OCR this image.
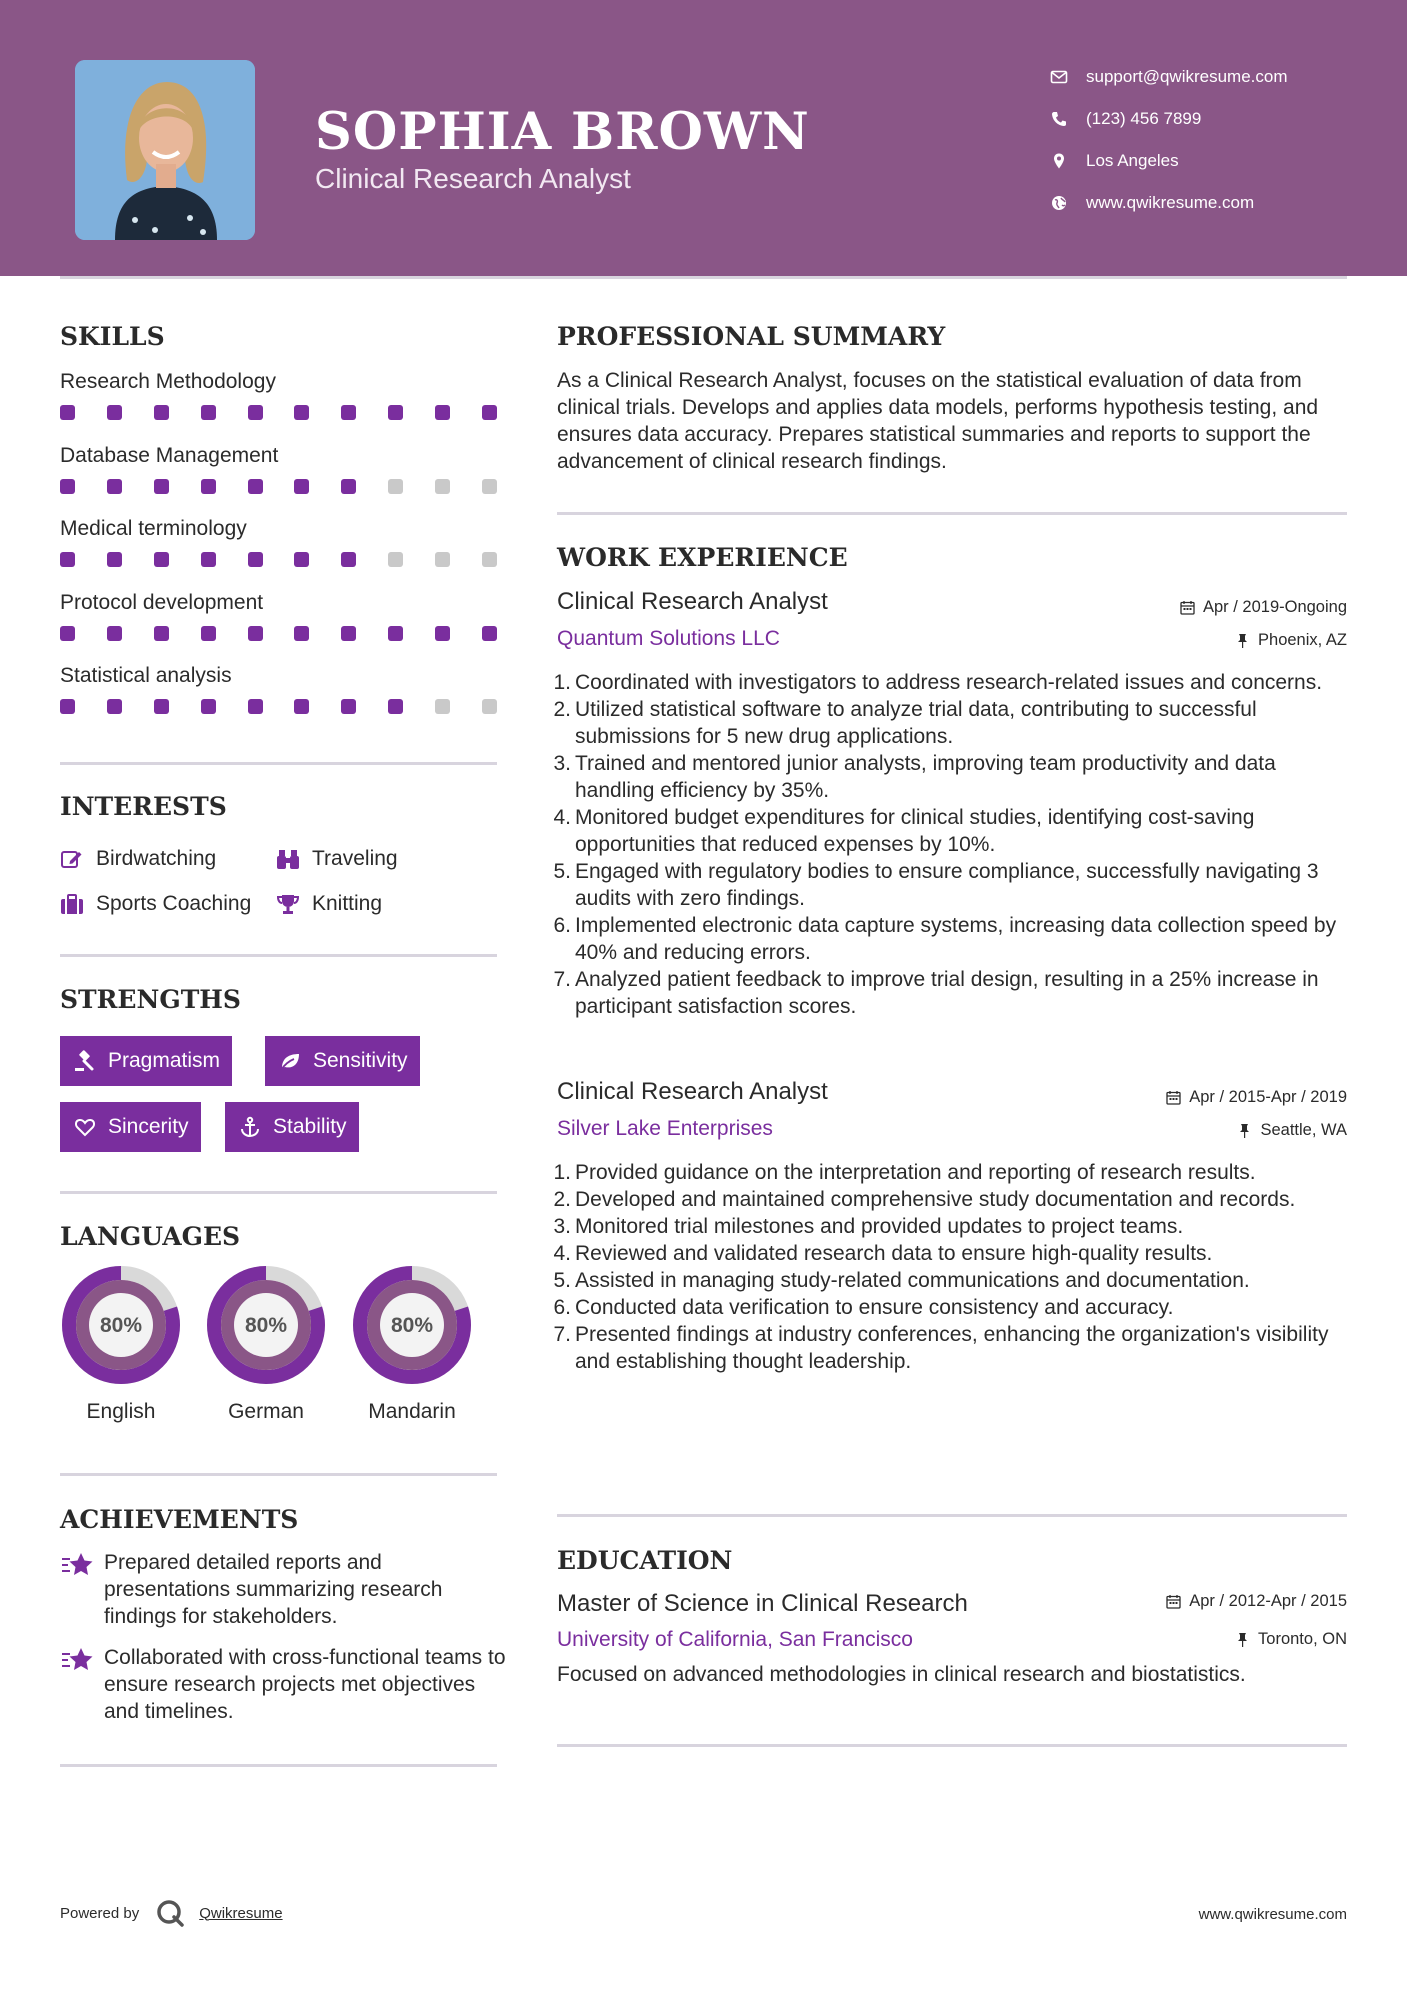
SOPHIA BROWN
Clinical Research Analyst
support@qwikresume.com
(123) 456 7899
Los Angeles
www.qwikresume.com
SKILLS
Research Methodology
Database Management
Medical terminology
Protocol development
Statistical analysis
INTERESTS
Birdwatching	Traveling
Sports Coaching	Knitting
STRENGTHS
Pragmatism	Sensitivity
Sincerity	Stability
LANGUAGES
80%
English
80%
German
80%
Mandarin
ACHIEVEMENTS
Prepared detailed reports and presentations summarizing research findings for stakeholders.
Collaborated with cross-functional teams to ensure research projects met objectives and timelines.
PROFESSIONAL SUMMARY
As a Clinical Research Analyst, focuses on the statistical evaluation of data from clinical trials. Develops and applies data models, performs hypothesis testing, and ensures data accuracy. Prepares statistical summaries and reports to support the advancement of clinical research findings.
WORK EXPERIENCE
Clinical Research Analyst	Apr / 2019-Ongoing
Quantum Solutions LLC	Phoenix, AZ
1. Coordinated with investigators to address research-related issues and concerns.
2. Utilized statistical software to analyze trial data, contributing to successful submissions for 5 new drug applications.
3. Trained and mentored junior analysts, improving team productivity and data handling efficiency by 35%.
4. Monitored budget expenditures for clinical studies, identifying cost-saving opportunities that reduced expenses by 10%.
5. Engaged with regulatory bodies to ensure compliance, successfully navigating 3 audits with zero findings.
6. Implemented electronic data capture systems, increasing data collection speed by 40% and reducing errors.
7. Analyzed patient feedback to improve trial design, resulting in a 25% increase in participant satisfaction scores.
Clinical Research Analyst	Apr / 2015-Apr / 2019
Silver Lake Enterprises	Seattle, WA
1. Provided guidance on the interpretation and reporting of research results.
2. Developed and maintained comprehensive study documentation and records.
3. Monitored trial milestones and provided updates to project teams.
4. Reviewed and validated research data to ensure high-quality results.
5. Assisted in managing study-related communications and documentation.
6. Conducted data verification to ensure consistency and accuracy.
7. Presented findings at industry conferences, enhancing the organization's visibility and establishing thought leadership.
EDUCATION
Master of Science in Clinical Research	Apr / 2012-Apr / 2015
University of California, San Francisco	Toronto, ON
Focused on advanced methodologies in clinical research and biostatistics.
Powered by	Qwikresume	www.qwikresume.com
